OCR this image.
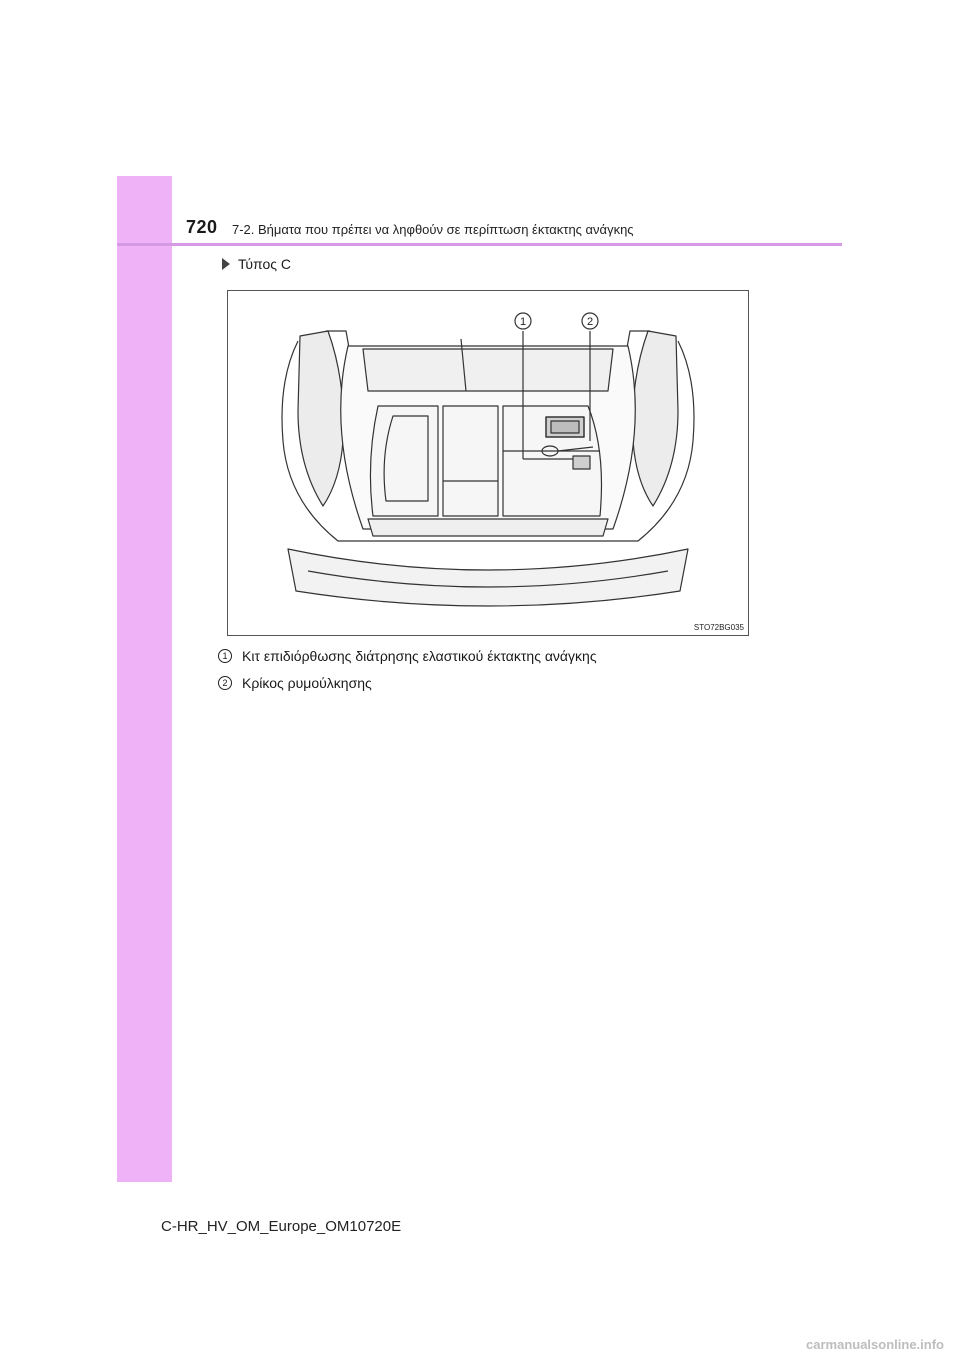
720 7-2. Βήματα που πρέπει να ληφθούν σε περίπτωση έκτακτης ανάγκης
Τύπος C
1	2
STO72BG035
1	Κιτ επιδιόρθωσης διάτρησης ελαστικού έκτακτης ανάγκης
2	Κρίκος ρυμούλκησης
C-HR_HV_OM_Europe_OM10720E
carmanualsonline.info
